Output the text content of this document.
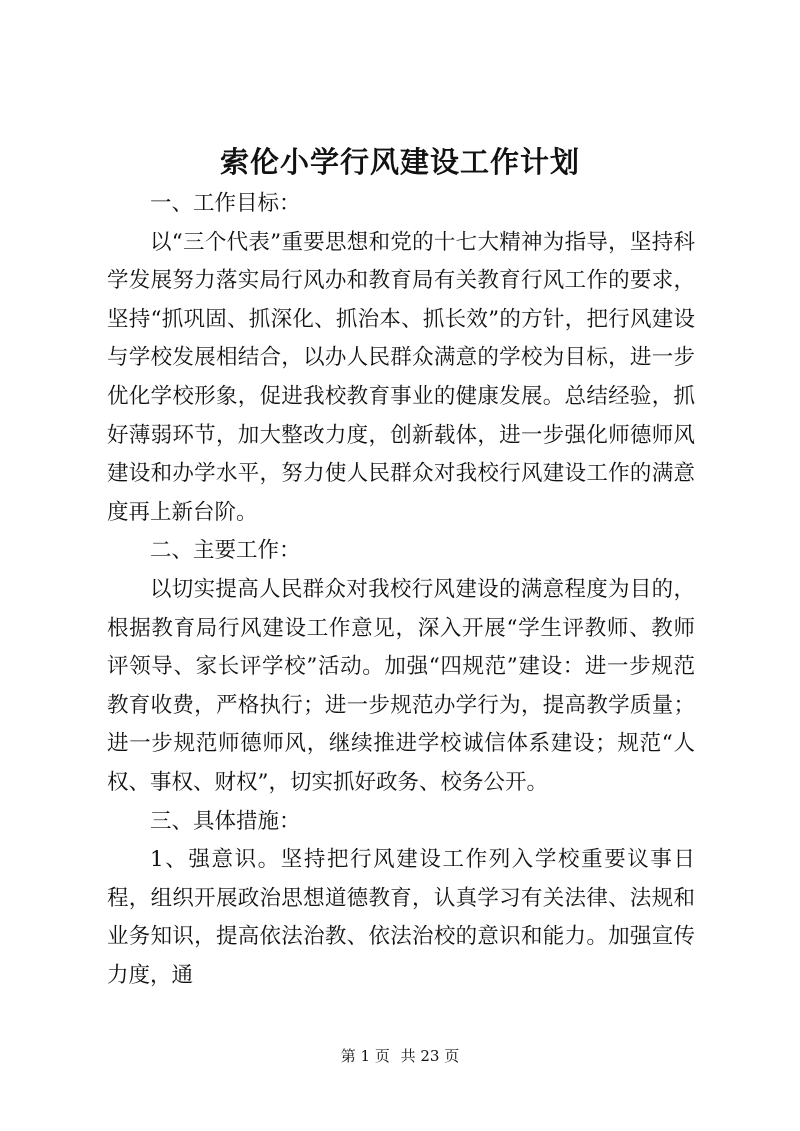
索伦小学行风建设工作计划

一、工作目标：

以“三个代表”重要思想和党的十七大精神为指导，坚持科学发展努力落实局行风办和教育局有关教育行风工作的要求，坚持“抓巩固、抓深化、抓治本、抓长效”的方针，把行风建设与学校发展相结合，以办人民群众满意的学校为目标，进一步优化学校形象，促进我校教育事业的健康发展。总结经验，抓好薄弱环节，加大整改力度，创新载体，进一步强化师德师风建设和办学水平，努力使人民群众对我校行风建设工作的满意度再上新台阶。

二、主要工作：

以切实提高人民群众对我校行风建设的满意程度为目的，根据教育局行风建设工作意见，深入开展“学生评教师、教师评领导、家长评学校”活动。加强“四规范”建设：进一步规范教育收费，严格执行；进一步规范办学行为，提高教学质量；进一步规范师德师风，继续推进学校诚信体系建设；规范“人权、事权、财权”，切实抓好政务、校务公开。

三、具体措施：

1、强意识。坚持把行风建设工作列入学校重要议事日程，组织开展政治思想道德教育，认真学习有关法律、法规和业务知识，提高依法治教、依法治校的意识和能力。加强宣传力度，通

第 1 页 共 23 页
